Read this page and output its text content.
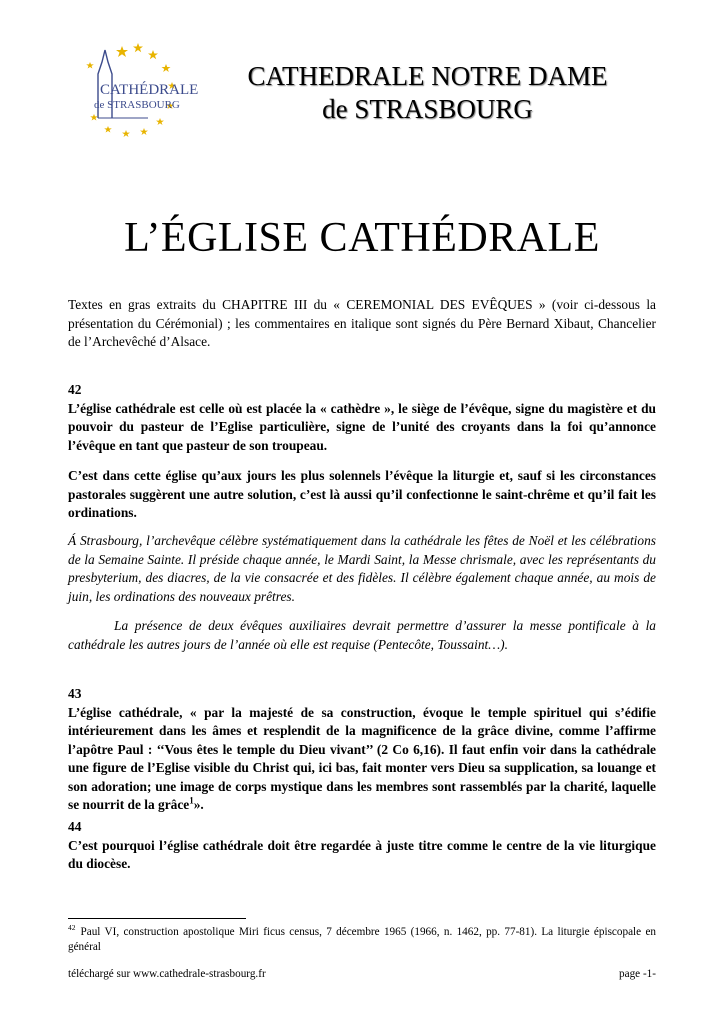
CATHÉDRALE
de STRASBOURG
CATHEDRALE NOTRE DAME
de STRASBOURG
L’ÉGLISE CATHÉDRALE
Textes en gras extraits du CHAPITRE III du « CEREMONIAL DES EVÊQUES » (voir ci-dessous la présentation du Cérémonial) ; les commentaires en italique sont signés du Père Bernard Xibaut, Chancelier de l’Archevêché d’Alsace.
42
L’église cathédrale est celle où est placée la « cathèdre », le siège de l’évêque, signe du magistère et du pouvoir du pasteur de l’Eglise particulière, signe de l’unité des croyants dans la foi qu’annonce l’évêque en tant que pasteur de son troupeau.
C’est dans cette église qu’aux jours les plus solennels l’évêque la liturgie et, sauf si les circonstances pastorales suggèrent une autre solution, c’est là aussi qu’il confectionne le saint-chrême et qu’il fait les ordinations.
Á Strasbourg, l’archevêque célèbre systématiquement dans la cathédrale les fêtes de Noël et les célébrations de la Semaine Sainte. Il préside chaque année, le Mardi Saint, la Messe chrismale, avec les représentants du presbyterium, des diacres, de la vie consacrée et des fidèles. Il célèbre également chaque année, au mois de juin, les ordinations des nouveaux prêtres.
La présence de deux évêques auxiliaires devrait permettre d’assurer la messe pontificale à la cathédrale les autres jours de l’année où elle est requise (Pentecôte, Toussaint…).
43
L’église cathédrale, « par la majesté de sa construction, évoque le temple spirituel qui s’édifie intérieurement dans les âmes et resplendit de la magnificence de la grâce divine, comme l’affirme l’apôtre Paul : ‘‘Vous êtes le temple du Dieu vivant’’ (2 Co 6,16). Il faut enfin voir dans la cathédrale une figure de l’Eglise visible du Christ qui, ici bas, fait monter vers Dieu sa supplication, sa louange et son adoration; une image de corps mystique dans les membres sont rassemblés par la charité, laquelle se nourrit de la grâce$^1$».
44
C’est pourquoi l’église cathédrale doit être regardée à juste titre comme le centre de la vie liturgique du diocèse.
$^{42}$ Paul VI, construction apostolique Miri ficus census, 7 décembre 1965 (1966, n. 1462, pp. 77-81). La liturgie épiscopale en général
téléchargé sur www.cathedrale-strasbourg.fr	page -1-
